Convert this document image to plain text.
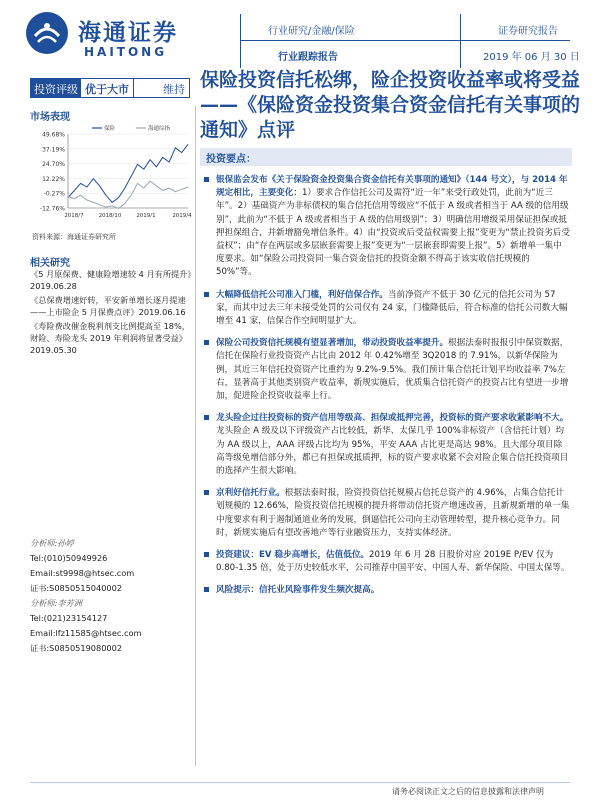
海通证券
HAITONG
行业研究/金融/保险
行业跟踪报告
证券研究报告
2019 年 06 月 30 日
投资评级 优于大市	维持 保险投资信托松绑，险企投资收益率或将受益——《保险资金投资集合资金信托有关事项的通知》点评
市场表现
49.68%
37.19%
24.70%
12.22%
-0.27%
-12.76%
2018/7	2018/10	2019/1	2019/4
保险	海通综指
资料来源：海通证券研究所
相关研究
《5 月原保费、健康险增速较 4 月有所提升》2019.06.28
《总保费增速好转，平安新单增长逐月提速——上市险企 5 月保费点评》2019.06.16
《寿险费改催金税利剂支比例提高至 18%，财险、寿险龙头 2019 年利润将显著受益》2019.05.30
分析师:孙婷
Tel:(010)50949926
Email:st9998@htsec.com
证书:S0850515040002
分析师:李芳洲
Tel:(021)23154127
Email:lfz11585@htsec.com
证书:S0850519080002
投资要点：
银保监会发布《关于保险资金投资集合资金信托有关事项的通知》（144 号文），与 2014 年规定相比，主要变化：1）要求合作信托公司及需符“近一年”来受行政处罚，此前为“近三年”。2）基础资产为非标债权的集合信托信用等级应“不低于 A 级或者相当于 AA 级的信用级别”，此前为“不低于 A 级或者相当于 A 级的信用级别”；3）明确信用增级采用保证担保或抵押担保组合，并新增豁免增信条件。4）由“投资或后受益权需要上报”变更为“禁止投资劣后受益权”；由“存在两层或多层嵌套需要上报”变更为“一层嵌套即需要上报”。5）新增单一集中度要求。如“保险公司投资同一集合资金信托的投资金额不得高于该实收信托规模的 50%”等。
大幅降低信托公司准入门槛，利好信保合作。当前净资产不低于 30 亿元的信托公司为 57 家，而其中过去三年未接受处罚的公司仅有 24 家，门槛降低后，符合标准的信托公司数大幅增至 41 家，信保合作空间明显扩大。
保险公司投资信托规模有望显著增加，带动投资收益率提升。根据法泰时报报引中保资数据，信托在保险行业投资资产占比由 2012 年 0.42%增至 3Q2018 的 7.91%，以新华保险为例，其近三年信托投资资产比重约为 9.2%-9.5%。我们预计集合信托计划平均收益率 7%左右，显著高于其他类别资产收益率，新规实施后，优质集合信托资产的投资占比有望进一步增加，促进险企投资收益率上行。
龙头险企过往投资标的资产信用等级高、担保或抵押完善，投资标的资产要求收紧影响不大。龙头险企 A 级及以下评级资产占比较低，新华、太保几乎 100%非标资产（含信托计划）均为 AA 级以上，AAA 评级占比均为 95%，平安 AAA 占比更是高达 98%。且大部分项目除高等级免增信部分外，都已有担保或抵质押，标的资产要求收紧不会对险企集合信托投资项目的选择产生很大影响。
京利好信托行业。根据法泰时报，险资投资信托规模占信托总资产的 4.96%，占集合信托计划规模的 12.66%，险资投资信托规模的提升将带动信托资产增速改善，且新规新增的单一集中度要求有利于遏制通道业务的发展，倒逼信托公司向主动管理转型，提升核心竞争力。同时，新规实施后有望改善地产等行业融资压力，支持实体经济。
投资建议：EV 稳步高增长，估值低位。2019 年 6 月 28 日股价对应 2019E P/EV 仅为 0.80-1.35 倍，处于历史较低水平，公司推荐中国平安、中国人寿、新华保险、中国太保等。
风险提示：信托业风险事件发生频次提高。
请务必阅读正文之后的信息披露和法律声明
